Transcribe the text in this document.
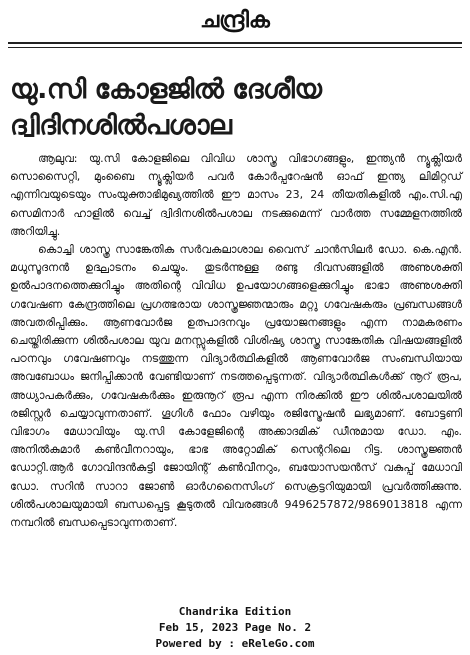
ചന്ദ്രിക
യു.സി കോളജിൽ ദേശീയ
ദ്വിദിനശിൽപശാല

ആലുവ: യു.സി കോളജിലെ വിവിധ ശാസ്ത്ര വിഭാഗങ്ങളും, ഇന്ത്യൻ ന്യൂക്ലിയർ സൊസൈറ്റി, മുംബൈ ന്യൂക്ലിയർ പവർ കോർപ്പറേഷൻ ഓഫ് ഇന്ത്യ ലിമിറ്റഡ് എന്നിവയുടെയും സംയുക്താഭിമുഖ്യത്തിൽ ഈ മാസം 23, 24 തീയതികളിൽ എം.സി.എ സെമിനാർ ഹാളിൽ വെച്ച് ദ്വിദിനശിൽപശാല നടക്കുമെന്ന് വാർത്ത സമ്മേളനത്തിൽ അറിയിച്ചു.

കൊച്ചി ശാസ്ത്ര സാങ്കേതിക സർവകലാശാല വൈസ് ചാൻസിലർ ഡോ. കെ.എൻ. മധുസൂദനൻ ഉദ്ഘാടനം ചെയ്യും. തുടർന്നുള്ള രണ്ടു ദിവസങ്ങളിൽ അണുശക്തി ഉൽപാദനത്തെക്കുറിച്ചും അതിന്റെ വിവിധ ഉപയോഗങ്ങളെക്കുറിച്ചും ഭാഭാ അണുശക്തി ഗവേഷണ കേന്ദ്രത്തിലെ പ്രഗത്ഭരായ ശാസ്ത്രജ്ഞന്മാരും മറ്റു ഗവേഷകരും പ്രബന്ധങ്ങൾ അവതരിപ്പിക്കും. ആണവോർജ ഉത്പാദനവും പ്രയോജനങ്ങളും എന്ന നാമകരണം ചെയ്തിരിക്കുന്ന ശിൽപശാല യുവ മനസ്സുകളിൽ വിശിഷ്യ ശാസ്ത്ര സാങ്കേതിക വിഷയങ്ങളിൽ പഠനവും ഗവേഷണവും നടത്തുന്ന വിദ്യാർത്ഥികളിൽ ആണവോർജ സംബന്ധിയായ അവബോധം ജനിപ്പിക്കാൻ വേണ്ടിയാണ് നടത്തപ്പെടുന്നത്. വിദ്യാർത്ഥികൾക്ക് നൂറ് രൂപ, അധ്യാപകർക്കും, ഗവേഷകർക്കും ഇരുനൂറ് രൂപ എന്ന നിരക്കിൽ ഈ ശിൽപശാലയിൽ രജിസ്റ്റർ ചെയ്യാവുന്നതാണ്. ഗൂഗിൾ ഫോം വഴിയും രജിസ്ട്രേഷൻ ലഭ്യമാണ്. ബോട്ടണി വിഭാഗം മേധാവിയും യു.സി കോളേജിന്റെ അക്കാദമിക് ഡീനുമായ ഡോ. എം. അനിൽകുമാർ കൺവീനറായും, ഭാഭ അറ്റോമിക് സെന്ററിലെ റിട്ട. ശാസ്ത്രജ്ഞൻ ഡോറ്റി.ആർ ഗോവിന്ദൻകുട്ടി ജോയിന്റ് കൺവീനറും, ബയോസയൻസ് വകുപ്പ് മേധാവി ഡോ. സറിൻ സാറാ ജോൺ ഓർഗനൈസിംഗ് സെക്രട്ടറിയുമായി പ്രവർത്തിക്കുന്നു. ശിൽപശാലയുമായി ബന്ധപ്പെട്ട കൂടുതൽ വിവരങ്ങൾ 9496257872/9869013818 എന്ന നമ്പറിൽ ബന്ധപ്പെടാവുന്നതാണ്.

Chandrika Edition
Feb 15, 2023 Page No. 2
Powered by : eReleGo.com
